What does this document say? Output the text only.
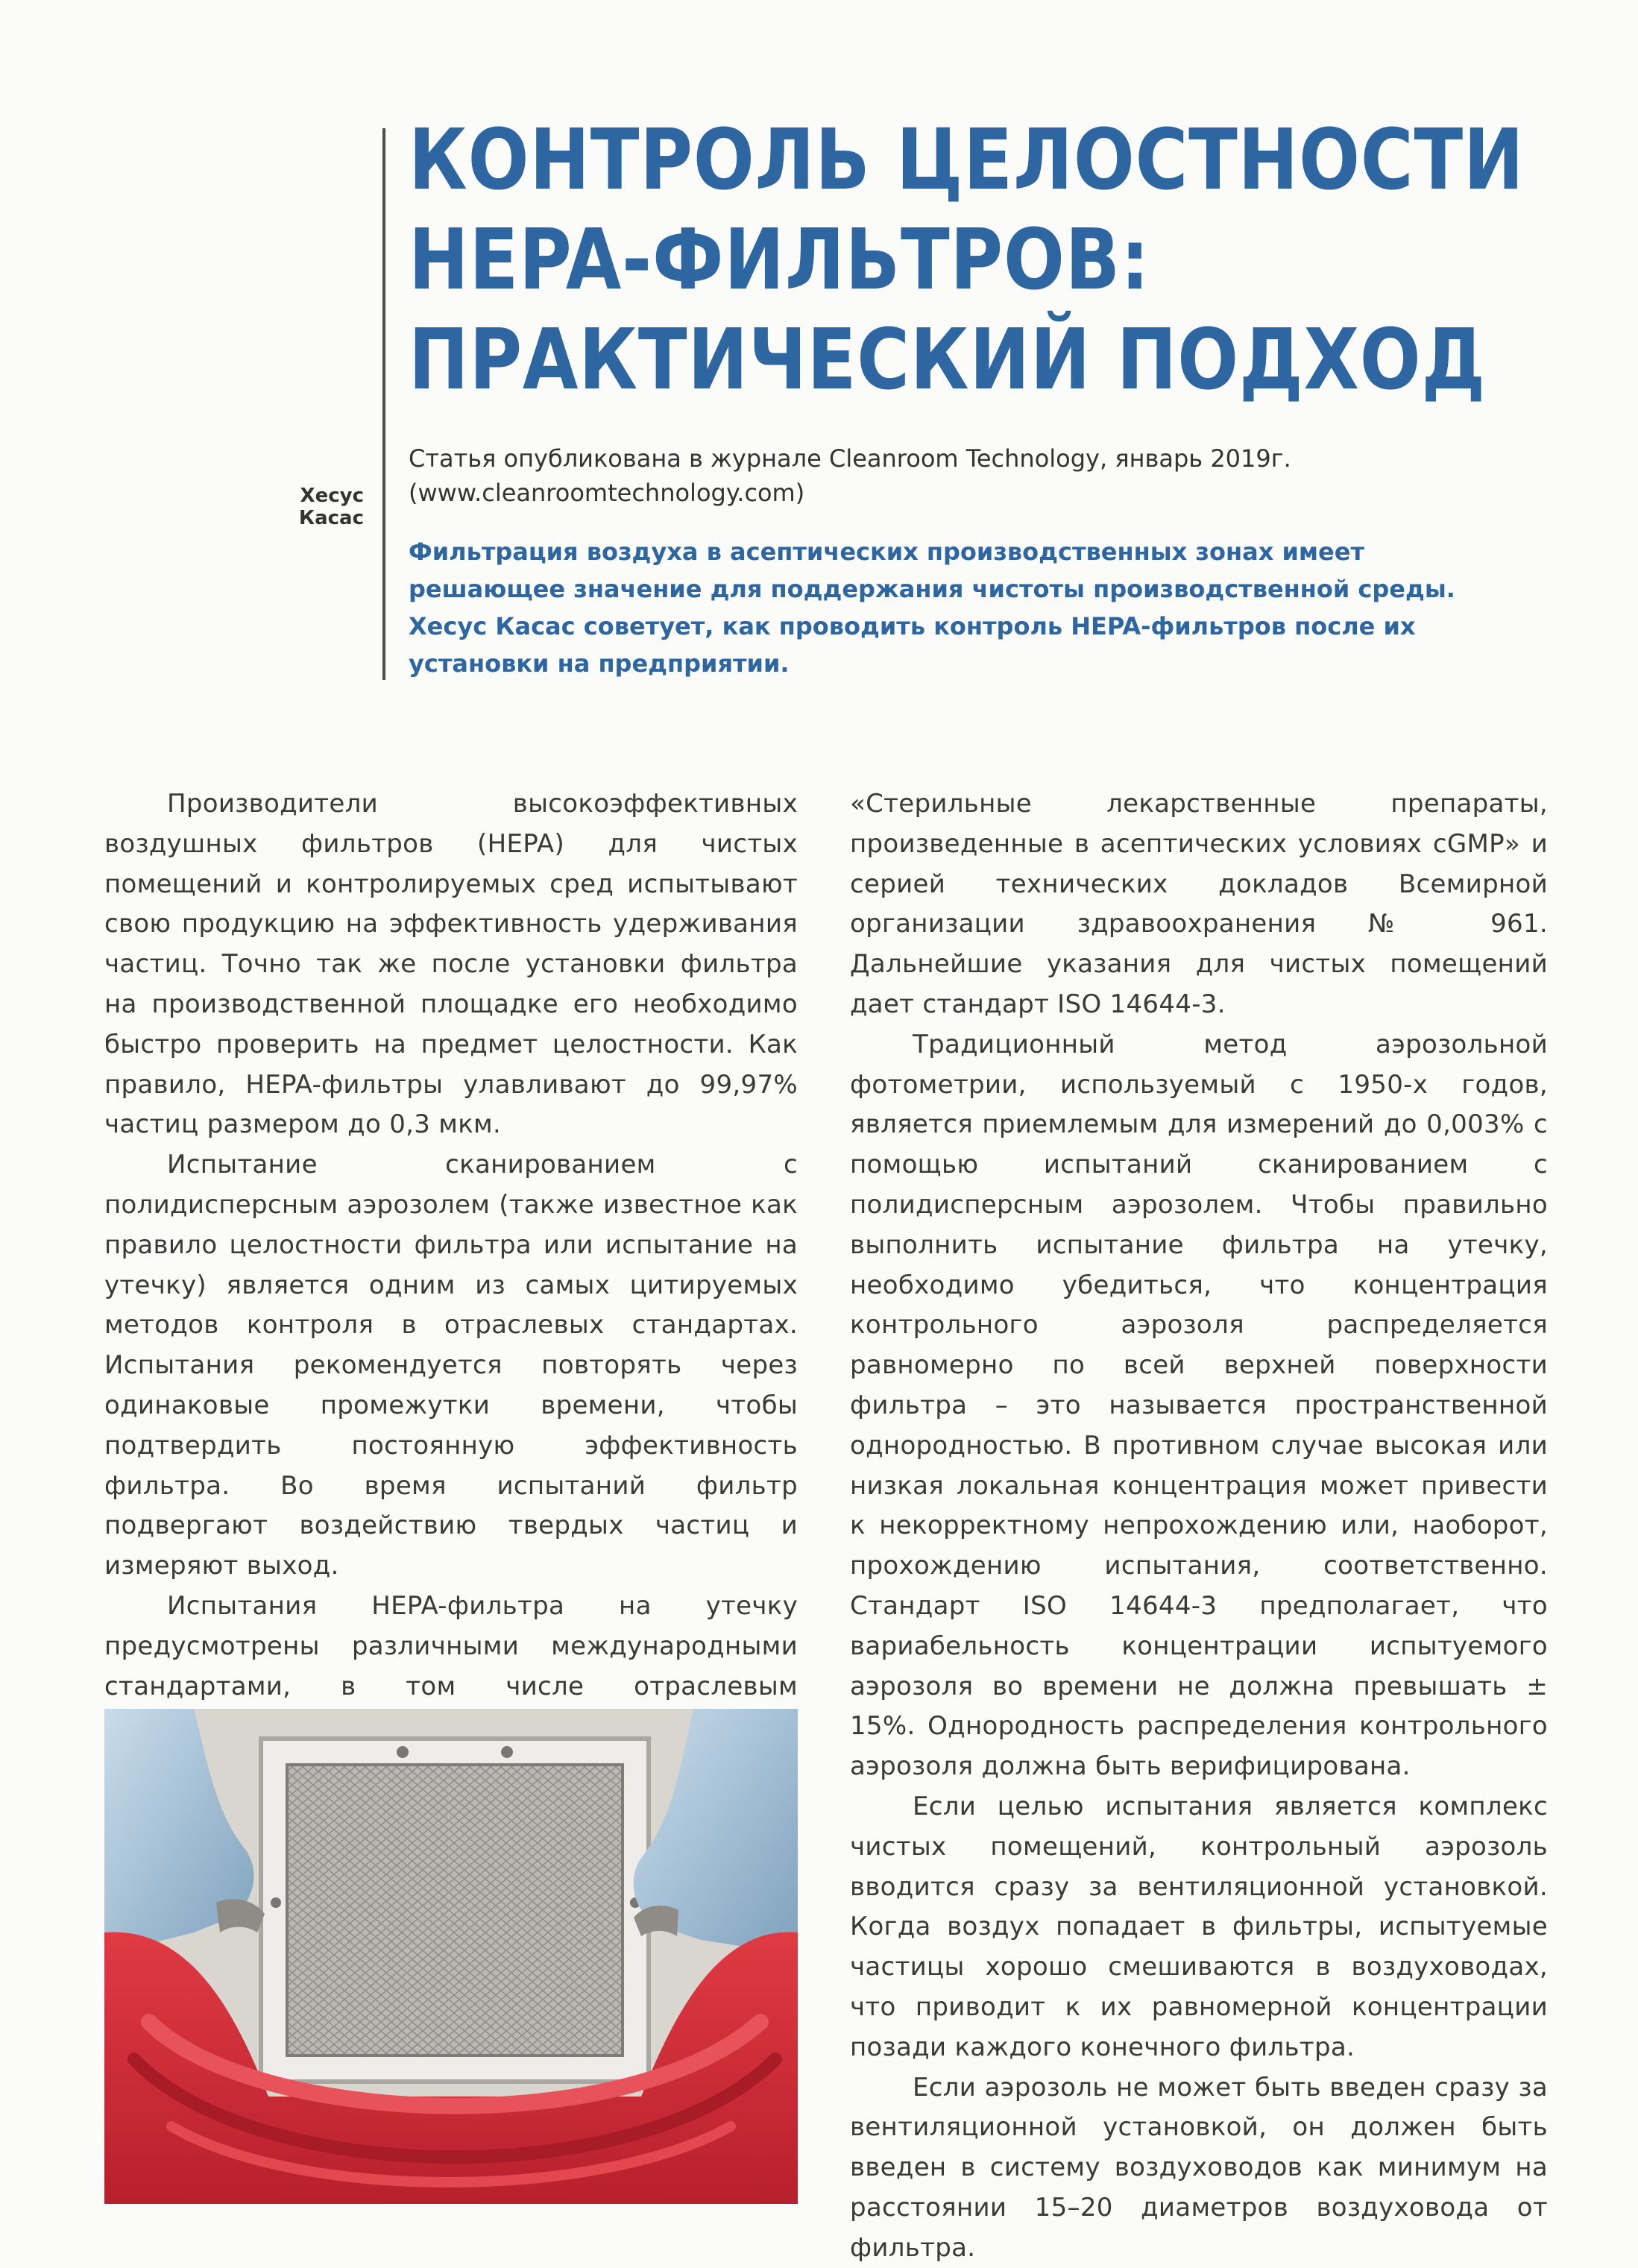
КОНТРОЛЬ ЦЕЛОСТНОСТИ
HEPA-ФИЛЬТРОВ:
ПРАКТИЧЕСКИЙ ПОДХОД
Хесус Касас
Статья опубликована в журнале Cleanroom Technology, январь 2019г.
(www.cleanroomtechnology.com)
Фильтрация воздуха в асептических производственных зонах имеет решающее значение для поддержания чистоты производственной среды. Хесус Касас советует, как проводить контроль HEPA-фильтров после их установки на предприятии.

Производители высокоэффективных воздушных фильтров (HEPA) для чистых помещений и контролируемых сред испытывают свою продукцию на эффективность удерживания частиц. Точно так же после установки фильтра на производственной площадке его необходимо быстро проверить на предмет целостности. Как правило, HEPA-фильтры улавливают до 99,97% частиц размером до 0,3 мкм.

Испытание сканированием с полидисперсным аэрозолем (также известное как правило целостности фильтра или испытание на утечку) является одним из самых цитируемых методов контроля в отраслевых стандартах. Испытания рекомендуется повторять через одинаковые промежутки времени, чтобы подтвердить постоянную эффективность фильтра. Во время испытаний фильтр подвергают воздействию твердых частиц и измеряют выход.

Испытания HEPA-фильтра на утечку предусмотрены различными международными стандартами, в том числе отраслевым

«Стерильные лекарственные препараты, произведенные в асептических условиях cGMP» и серией технических докладов Всемирной организации здравоохранения № 961. Дальнейшие указания для чистых помещений дает стандарт ISO 14644-3.

Традиционный метод аэрозольной фотометрии, используемый с 1950-х годов, является приемлемым для измерений до 0,003% с помощью испытаний сканированием с полидисперсным аэрозолем. Чтобы правильно выполнить испытание фильтра на утечку, необходимо убедиться, что концентрация контрольного аэрозоля распределяется равномерно по всей верхней поверхности фильтра – это называется пространственной однородностью. В противном случае высокая или низкая локальная концентрация может привести к некорректному непрохождению или, наоборот, прохождению испытания, соответственно. Стандарт ISO 14644-3 предполагает, что вариабельность концентрации испытуемого аэрозоля во времени не должна превышать ± 15%. Однородность распределения контрольного аэрозоля должна быть верифицирована.

Если целью испытания является комплекс чистых помещений, контрольный аэрозоль вводится сразу за вентиляционной установкой. Когда воздух попадает в фильтры, испытуемые частицы хорошо смешиваются в воздуховодах, что приводит к их равномерной концентрации позади каждого конечного фильтра.

Если аэрозоль не может быть введен сразу за вентиляционной установкой, он должен быть введен в систему воздуховодов как минимум на расстоянии 15–20 диаметров воздуховода от фильтра.
